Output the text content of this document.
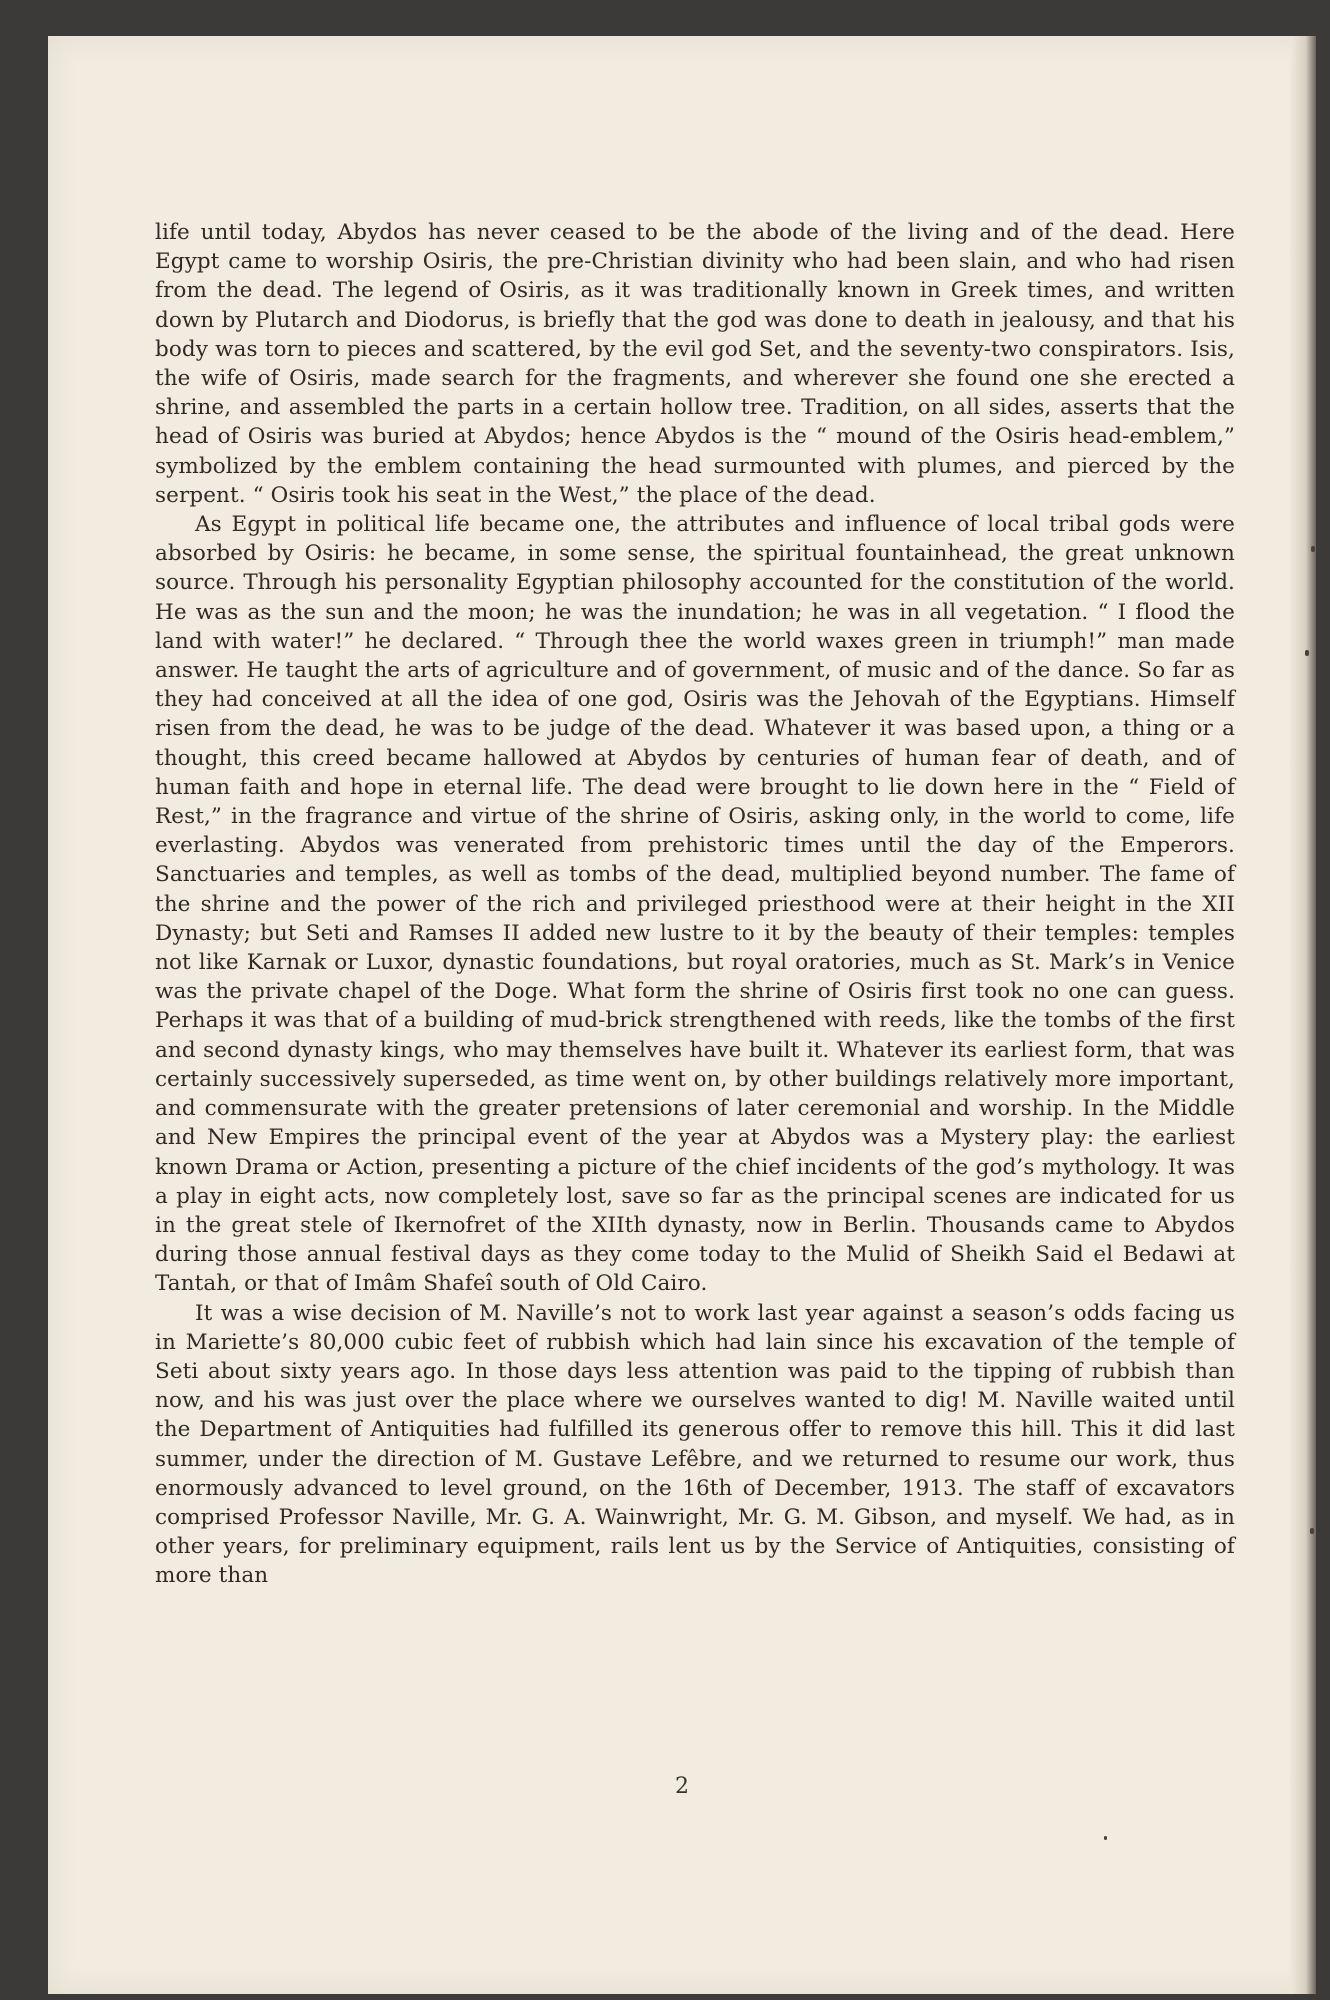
life until today, Abydos has never ceased to be the abode of the living and of the dead. Here Egypt came to worship Osiris, the pre-Christian divinity who had been slain, and who had risen from the dead. The legend of Osiris, as it was traditionally known in Greek times, and written down by Plutarch and Diodorus, is briefly that the god was done to death in jealousy, and that his body was torn to pieces and scattered, by the evil god Set, and the seventy-two conspirators. Isis, the wife of Osiris, made search for the fragments, and wherever she found one she erected a shrine, and assembled the parts in a certain hollow tree. Tradition, on all sides, asserts that the head of Osiris was buried at Abydos; hence Abydos is the “ mound of the Osiris head-emblem,” symbolized by the emblem containing the head surmounted with plumes, and pierced by the serpent. “ Osiris took his seat in the West,” the place of the dead.

As Egypt in political life became one, the attributes and influence of local tribal gods were absorbed by Osiris: he became, in some sense, the spiritual fountainhead, the great unknown source. Through his personality Egyptian philosophy accounted for the constitution of the world. He was as the sun and the moon; he was the inundation; he was in all vegetation. “ I flood the land with water!” he declared. “ Through thee the world waxes green in triumph!” man made answer. He taught the arts of agriculture and of government, of music and of the dance. So far as they had conceived at all the idea of one god, Osiris was the Jehovah of the Egyptians. Himself risen from the dead, he was to be judge of the dead. Whatever it was based upon, a thing or a thought, this creed became hallowed at Abydos by centuries of human fear of death, and of human faith and hope in eternal life. The dead were brought to lie down here in the “ Field of Rest,” in the fragrance and virtue of the shrine of Osiris, asking only, in the world to come, life everlasting. Abydos was venerated from prehistoric times until the day of the Emperors. Sanctuaries and temples, as well as tombs of the dead, multiplied beyond number. The fame of the shrine and the power of the rich and privileged priesthood were at their height in the XII Dynasty; but Seti and Ramses II added new lustre to it by the beauty of their temples: temples not like Karnak or Luxor, dynastic foundations, but royal oratories, much as St. Mark’s in Venice was the private chapel of the Doge. What form the shrine of Osiris first took no one can guess. Perhaps it was that of a building of mud-brick strengthened with reeds, like the tombs of the first and second dynasty kings, who may themselves have built it. Whatever its earliest form, that was certainly successively superseded, as time went on, by other buildings relatively more important, and commensurate with the greater pretensions of later ceremonial and worship. In the Middle and New Empires the principal event of the year at Abydos was a Mystery play: the earliest known Drama or Action, presenting a picture of the chief incidents of the god’s mythology. It was a play in eight acts, now completely lost, save so far as the principal scenes are indicated for us in the great stele of Ikernofret of the XIIth dynasty, now in Berlin. Thousands came to Abydos during those annual festival days as they come today to the Mulid of Sheikh Said el Bedawi at Tantah, or that of Imâm Shafeî south of Old Cairo.

It was a wise decision of M. Naville’s not to work last year against a season’s odds facing us in Mariette’s 80,000 cubic feet of rubbish which had lain since his excavation of the temple of Seti about sixty years ago. In those days less attention was paid to the tipping of rubbish than now, and his was just over the place where we ourselves wanted to dig! M. Naville waited until the Department of Antiquities had fulfilled its generous offer to remove this hill. This it did last summer, under the direction of M. Gustave Lefêbre, and we returned to resume our work, thus enormously advanced to level ground, on the 16th of December, 1913. The staff of excavators comprised Professor Naville, Mr. G. A. Wainwright, Mr. G. M. Gibson, and myself. We had, as in other years, for preliminary equipment, rails lent us by the Service of Antiquities, consisting of more than

2
